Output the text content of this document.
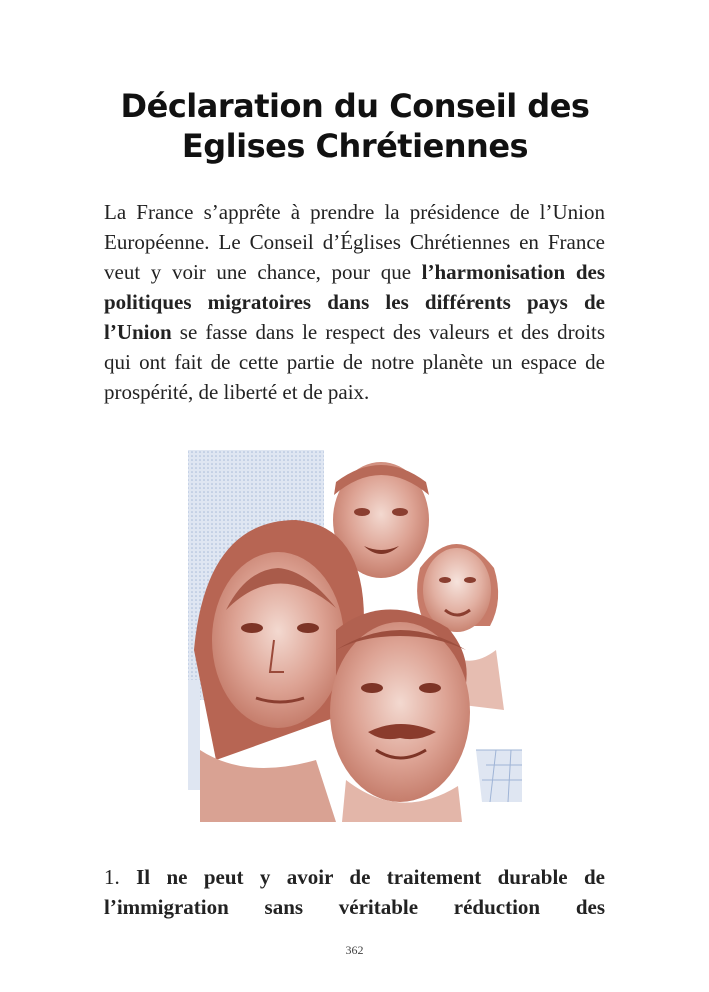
Déclaration du Conseil des
Eglises Chrétiennes

La France s’apprête à prendre la présidence de l’Union Européenne. Le Conseil d’Églises Chrétiennes en France veut y voir une chance, pour que l’harmonisation des politiques migratoires dans les différents pays de l’Union se fasse dans le respect des valeurs et des droits qui ont fait de cette partie de notre planète un espace de prospérité, de liberté et de paix.

1. Il ne peut y avoir de traitement durable de l’immigration sans véritable réduction des

362
